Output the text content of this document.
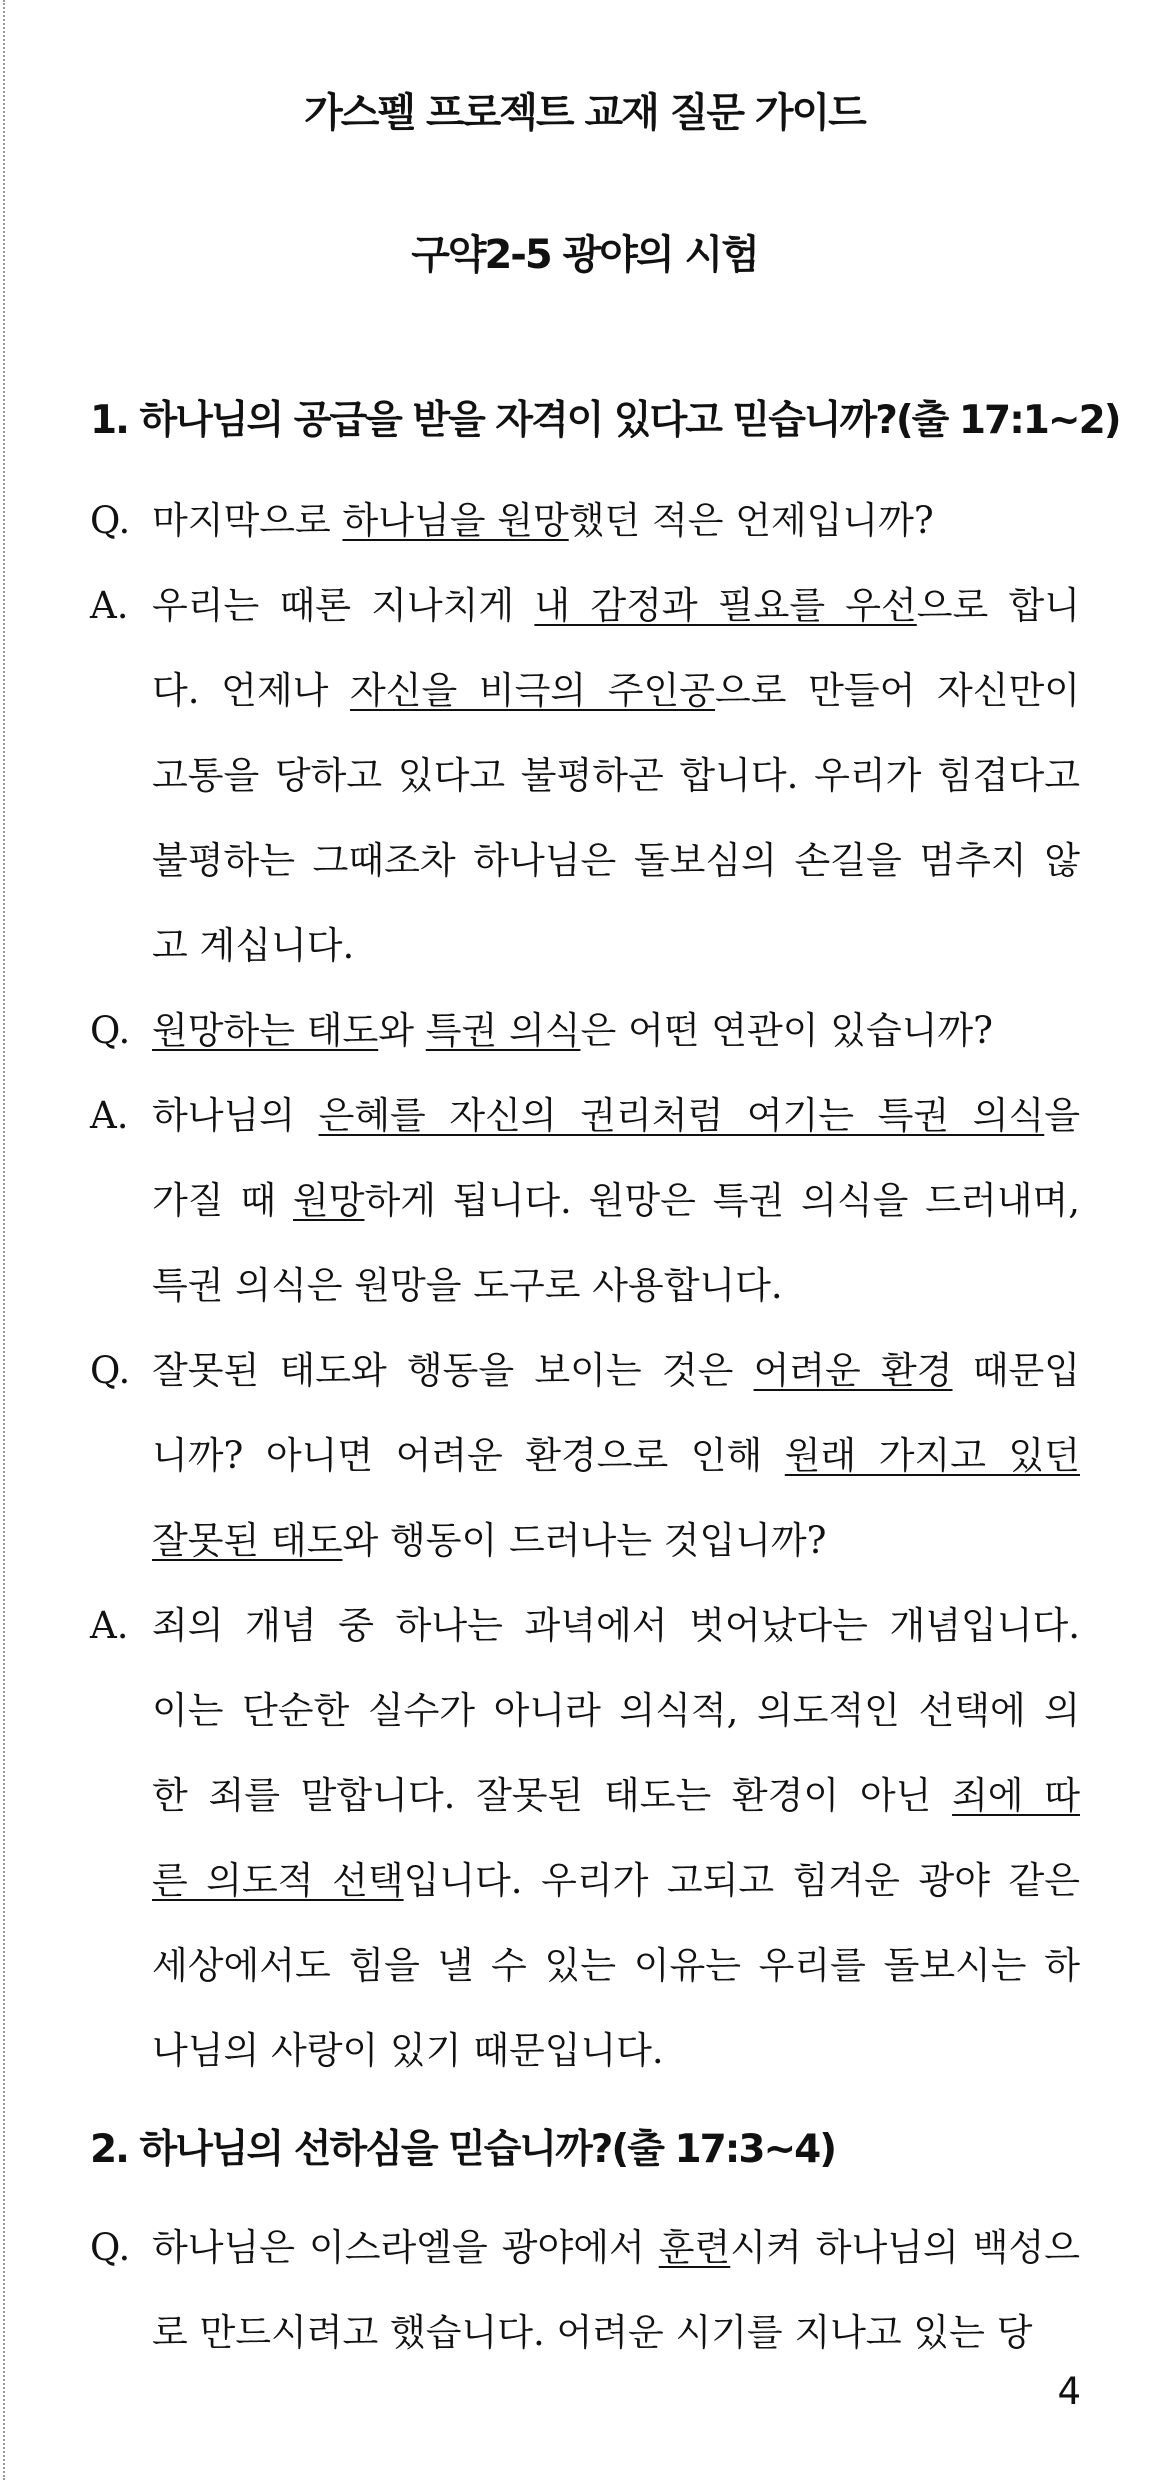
가스펠 프로젝트 교재 질문 가이드
구약2-5 광야의 시험
1. 하나님의 공급을 받을 자격이 있다고 믿습니까?(출 17:1~2)
Q. 마지막으로 하나님을 원망했던 적은 언제입니까?
A. 우리는 때론 지나치게 내 감정과 필요를 우선으로 합니
다. 언제나 자신을 비극의 주인공으로 만들어 자신만이
고통을 당하고 있다고 불평하곤 합니다. 우리가 힘겹다고
불평하는 그때조차 하나님은 돌보심의 손길을 멈추지 않
고 계십니다.
Q. 원망하는 태도와 특권 의식은 어떤 연관이 있습니까?
A. 하나님의 은혜를 자신의 권리처럼 여기는 특권 의식을
가질 때 원망하게 됩니다. 원망은 특권 의식을 드러내며,
특권 의식은 원망을 도구로 사용합니다.
Q. 잘못된 태도와 행동을 보이는 것은 어려운 환경 때문입
니까? 아니면 어려운 환경으로 인해 원래 가지고 있던
잘못된 태도와 행동이 드러나는 것입니까?
A. 죄의 개념 중 하나는 과녁에서 벗어났다는 개념입니다.
이는 단순한 실수가 아니라 의식적, 의도적인 선택에 의
한 죄를 말합니다. 잘못된 태도는 환경이 아닌 죄에 따
른 의도적 선택입니다. 우리가 고되고 힘겨운 광야 같은
세상에서도 힘을 낼 수 있는 이유는 우리를 돌보시는 하
나님의 사랑이 있기 때문입니다.
2. 하나님의 선하심을 믿습니까?(출 17:3~4)
Q. 하나님은 이스라엘을 광야에서 훈련시켜 하나님의 백성으
로 만드시려고 했습니다. 어려운 시기를 지나고 있는 당
4
